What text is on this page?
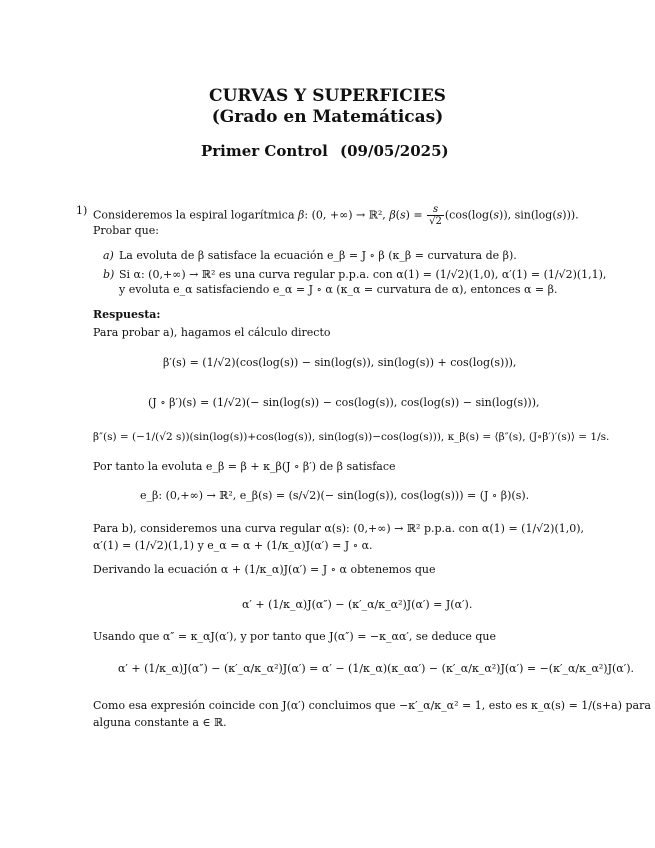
CURVAS Y SUPERFICIES
(Grado en Matemáticas)
Primer Control (09/05/2025)
1) Consideremos la espiral logarítmica β: (0, +∞) → ℝ², $\beta(s) = \frac{s}{√2} (\cos(\log(s))$, sin(log(s))).
Probar que:
a) La evoluta de β satisface la ecuación e_β = J ∘ β (κ_β = curvatura de β).
b) Si α: (0,+∞) → ℝ² es una curva regular p.p.a. con α(1) = (1/√2)(1,0), α′(1) = (1/√2)(1,1),
y evoluta e_α satisfaciendo e_α = J ∘ α (κ_α = curvatura de α), entonces α = β.
Respuesta:
Para probar a), hagamos el cálculo directo
β′(s) = (1/√2)(cos(log(s)) − sin(log(s)), sin(log(s)) + cos(log(s))),
(J ∘ β′)(s) = (1/√2)(− sin(log(s)) − cos(log(s)), cos(log(s)) − sin(log(s))),
β″(s) = (−1/(√2 s))(sin(log(s))+cos(log(s)), sin(log(s))−cos(log(s))), κ_β(s) = ⟨β″(s), (J∘β′)′(s)⟩ = 1/s.
Por tanto la evoluta e_β = β + κ_β(J ∘ β′) de β satisface
e_β: (0,+∞) → ℝ², e_β(s) = (s/√2)(− sin(log(s)), cos(log(s))) = (J ∘ β)(s).
Para b), consideremos una curva regular α(s): (0,+∞) → ℝ² p.p.a. con α(1) = (1/√2)(1,0),
α′(1) = (1/√2)(1,1) y e_α = α + (1/κ_α)J(α′) = J ∘ α.
Derivando la ecuación α + (1/κ_α)J(α′) = J ∘ α obtenemos que
α′ + (1/κ_α)J(α″) − (κ′_α/κ_α²)J(α′) = J(α′).
Usando que α″ = κ_αJ(α′), y por tanto que J(α″) = −κ_αα′, se deduce que
α′ + (1/κ_α)J(α″) − (κ′_α/κ_α²)J(α′) = α′ − (1/κ_α)(κ_αα′) − (κ′_α/κ_α²)J(α′) = −(κ′_α/κ_α²)J(α′).
Como esa expresión coincide con J(α′) concluimos que −κ′_α/κ_α² = 1, esto es κ_α(s) = 1/(s+a) para
alguna constante a ∈ ℝ.
